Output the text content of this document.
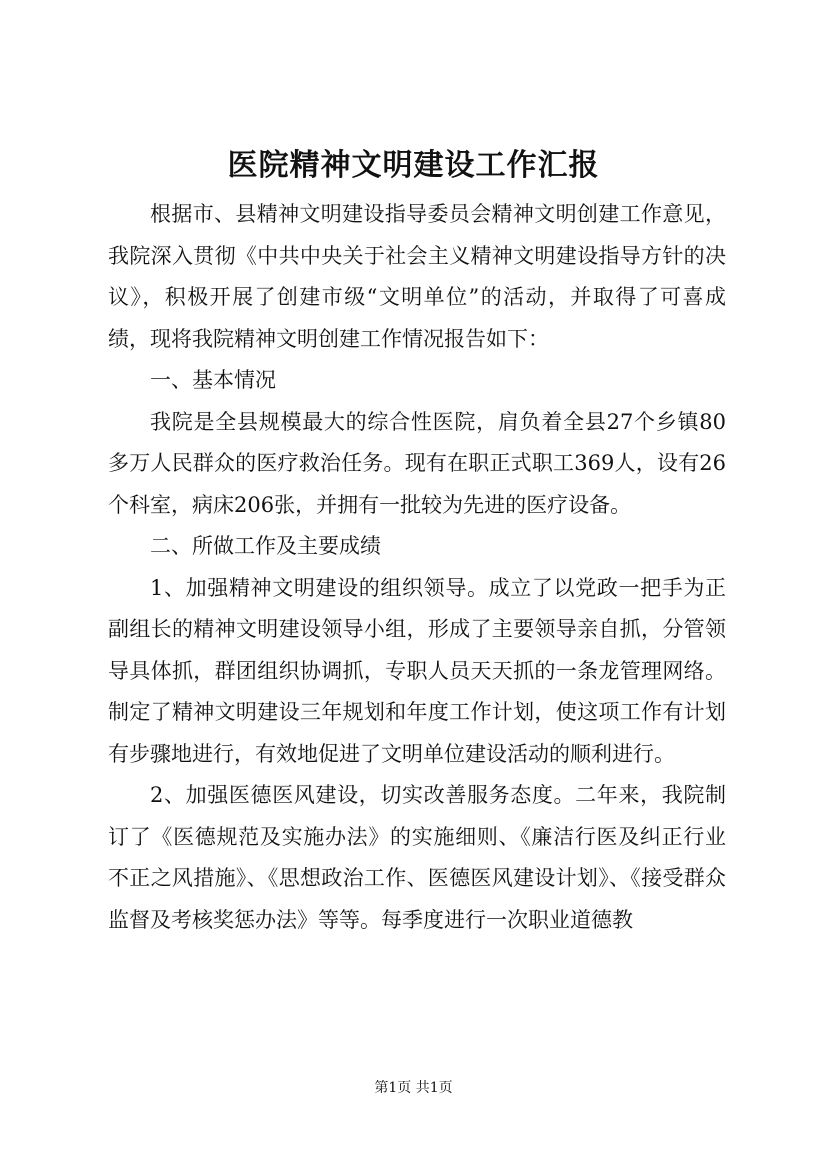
医院精神文明建设工作汇报

根据市、县精神文明建设指导委员会精神文明创建工作意见，我院深入贯彻《中共中央关于社会主义精神文明建设指导方针的决议》，积极开展了创建市级“文明单位”的活动，并取得了可喜成绩，现将我院精神文明创建工作情况报告如下：

一、基本情况

我院是全县规模最大的综合性医院，肩负着全县27个乡镇80多万人民群众的医疗救治任务。现有在职正式职工369人，设有26个科室，病床206张，并拥有一批较为先进的医疗设备。

二、所做工作及主要成绩

1、加强精神文明建设的组织领导。成立了以党政一把手为正副组长的精神文明建设领导小组，形成了主要领导亲自抓，分管领导具体抓，群团组织协调抓，专职人员天天抓的一条龙管理网络。制定了精神文明建设三年规划和年度工作计划，使这项工作有计划有步骤地进行，有效地促进了文明单位建设活动的顺利进行。

2、加强医德医风建设，切实改善服务态度。二年来，我院制订了《医德规范及实施办法》的实施细则、《廉洁行医及纠正行业不正之风措施》、《思想政治工作、医德医风建设计划》、《接受群众监督及考核奖惩办法》等等。每季度进行一次职业道德教

第1页 共1页
